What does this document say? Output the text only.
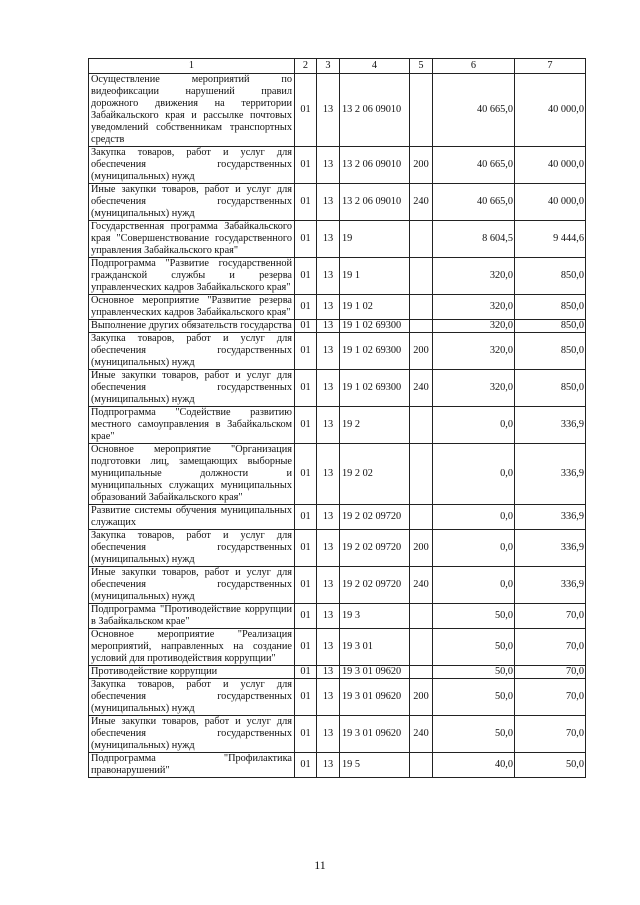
1	2	3	4	5	6	7
Осуществление мероприятий по видеофиксации нарушений правил дорожного движения на территории Забайкальского края и рассылке почтовых уведомлений собственникам транспортных средств	01	13	13 2 06 09010		40 665,0	40 000,0
Закупка товаров, работ и услуг для обеспечения государственных (муниципальных) нужд	01	13	13 2 06 09010	200	40 665,0	40 000,0
Иные закупки товаров, работ и услуг для обеспечения государственных (муниципальных) нужд	01	13	13 2 06 09010	240	40 665,0	40 000,0
Государственная программа Забайкальского края "Совершенствование государственного управления Забайкальского края"	01	13	19		8 604,5	9 444,6
Подпрограмма "Развитие государственной гражданской службы и резерва управленческих кадров Забайкальского края"	01	13	19 1		320,0	850,0
Основное мероприятие "Развитие резерва управленческих кадров Забайкальского края"	01	13	19 1 02		320,0	850,0
Выполнение других обязательств государства	01	13	19 1 02 69300		320,0	850,0
Закупка товаров, работ и услуг для обеспечения государственных (муниципальных) нужд	01	13	19 1 02 69300	200	320,0	850,0
Иные закупки товаров, работ и услуг для обеспечения государственных (муниципальных) нужд	01	13	19 1 02 69300	240	320,0	850,0
Подпрограмма "Содействие развитию местного самоуправления в Забайкальском крае"	01	13	19 2		0,0	336,9
Основное мероприятие "Организация подготовки лиц, замещающих выборные муниципальные должности и муниципальных служащих муниципальных образований Забайкальского края"	01	13	19 2 02		0,0	336,9
Развитие системы обучения муниципальных служащих	01	13	19 2 02 09720		0,0	336,9
Закупка товаров, работ и услуг для обеспечения государственных (муниципальных) нужд	01	13	19 2 02 09720	200	0,0	336,9
Иные закупки товаров, работ и услуг для обеспечения государственных (муниципальных) нужд	01	13	19 2 02 09720	240	0,0	336,9
Подпрограмма "Противодействие коррупции в Забайкальском крае"	01	13	19 3		50,0	70,0
Основное мероприятие "Реализация мероприятий, направленных на создание условий для противодействия коррупции"	01	13	19 3 01		50,0	70,0
Противодействие коррупции	01	13	19 3 01 09620		50,0	70,0
Закупка товаров, работ и услуг для обеспечения государственных (муниципальных) нужд	01	13	19 3 01 09620	200	50,0	70,0
Иные закупки товаров, работ и услуг для обеспечения государственных (муниципальных) нужд	01	13	19 3 01 09620	240	50,0	70,0
Подпрограмма "Профилактика правонарушений"	01	13	19 5		40,0	50,0
11
